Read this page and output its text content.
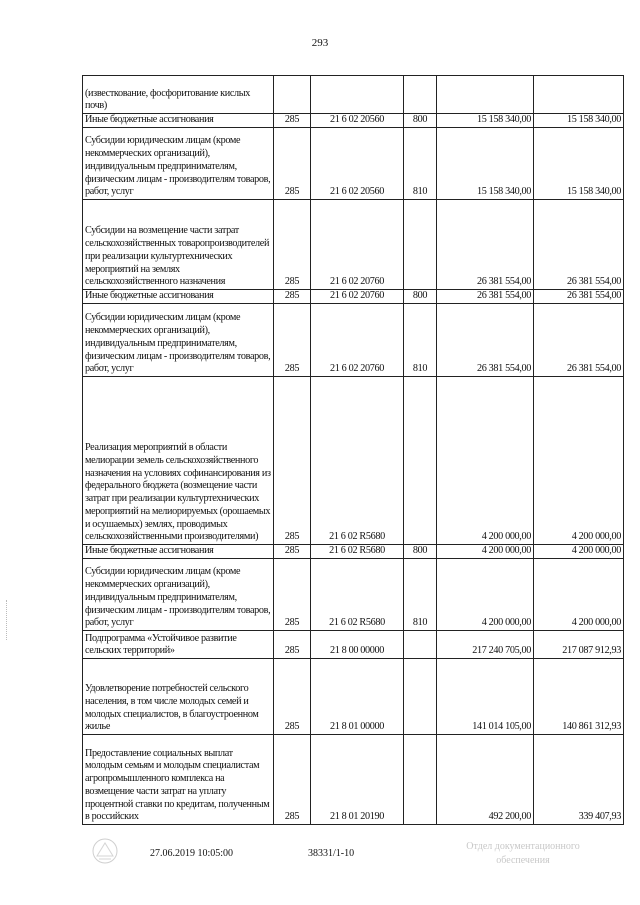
293
(известкование, фосфоритование кислых почв)					
Иные бюджетные ассигнования	285	21 6 02 20560	800	15 158 340,00	15 158 340,00
Субсидии юридическим лицам (кроме некоммерческих организаций), индивидуальным предпринимателям, физическим лицам - производителям товаров, работ, услуг	285	21 6 02 20560	810	15 158 340,00	15 158 340,00
Субсидии на возмещение части затрат сельскохозяйственных товаропроизводителей при реализации культуртехнических мероприятий на землях сельскохозяйственного назначения	285	21 6 02 20760		26 381 554,00	26 381 554,00
Иные бюджетные ассигнования	285	21 6 02 20760	800	26 381 554,00	26 381 554,00
Субсидии юридическим лицам (кроме некоммерческих организаций), индивидуальным предпринимателям, физическим лицам - производителям товаров, работ, услуг	285	21 6 02 20760	810	26 381 554,00	26 381 554,00
Реализация мероприятий в области мелиорации земель сельскохозяйственного назначения на условиях софинансирования из федерального бюджета (возмещение части затрат при реализации культуртехнических мероприятий на мелиорируемых (орошаемых и осушаемых) землях, проводимых сельскохозяйственными производителями)	285	21 6 02 R5680		4 200 000,00	4 200 000,00
Иные бюджетные ассигнования	285	21 6 02 R5680	800	4 200 000,00	4 200 000,00
Субсидии юридическим лицам (кроме некоммерческих организаций), индивидуальным предпринимателям, физическим лицам - производителям товаров, работ, услуг	285	21 6 02 R5680	810	4 200 000,00	4 200 000,00
Подпрограмма «Устойчивое развитие сельских территорий»	285	21 8 00 00000		217 240 705,00	217 087 912,93
Удовлетворение потребностей сельского населения, в том числе молодых семей и молодых специалистов, в благоустроенном жилье	285	21 8 01 00000		141 014 105,00	140 861 312,93
Предоставление социальных выплат молодым семьям и молодым специалистам агропромышленного комплекса на возмещение части затрат на уплату процентной ставки по кредитам, полученным в российских	285	21 8 01 20190		492 200,00	339 407,93
27.06.2019 10:05:00	38331/1-10
Отдел документационного обеспечения
